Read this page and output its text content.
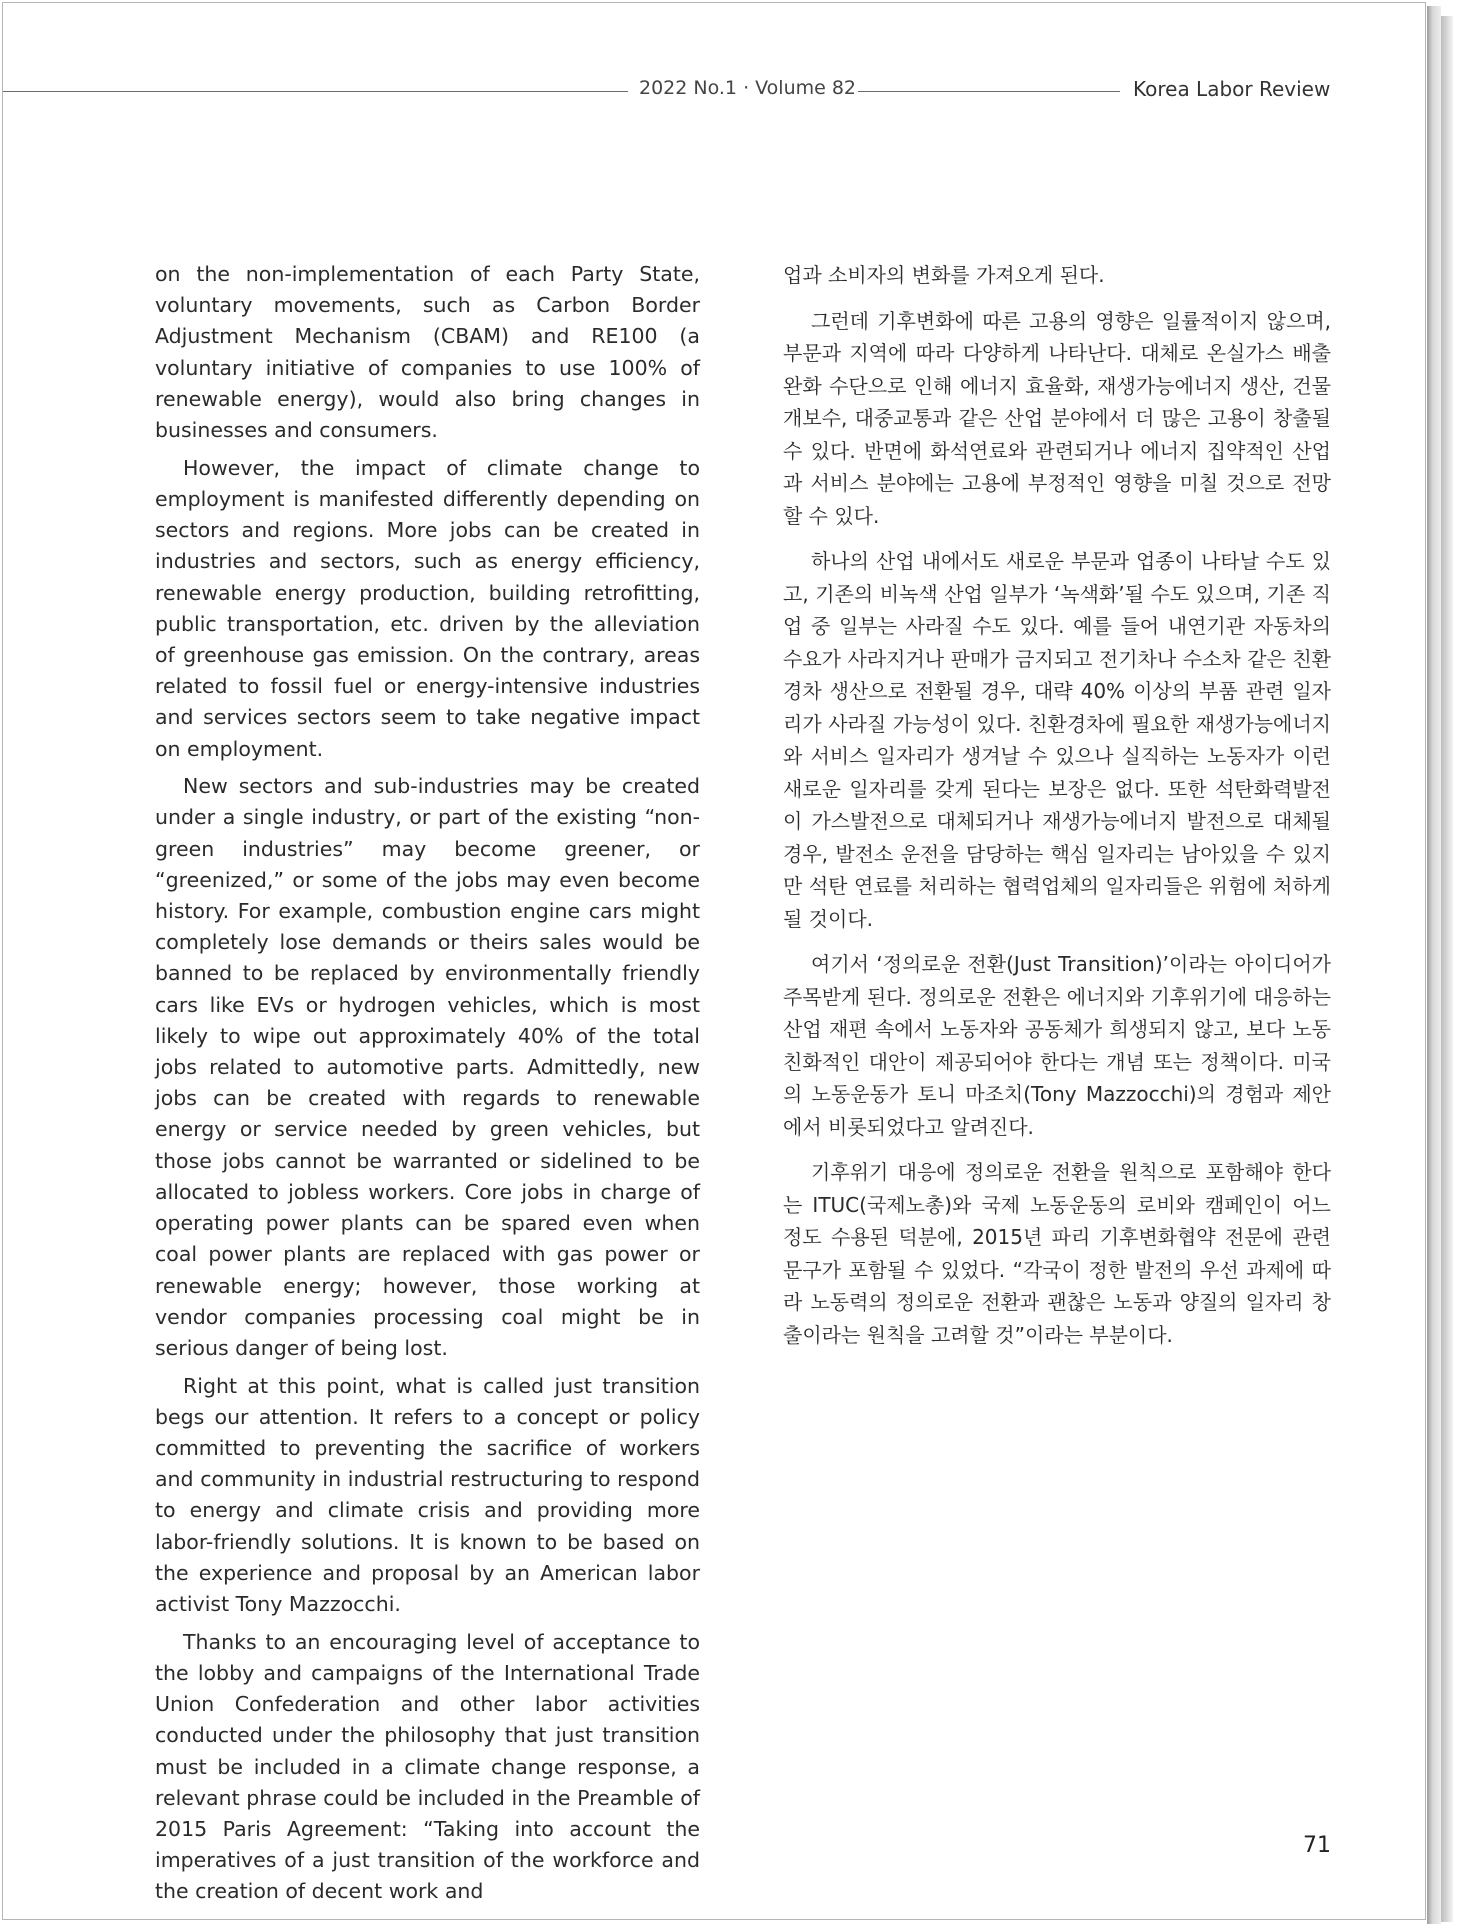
2022 No.1 · Volume 82	Korea Labor Review

on the non-implementation of each Party State, voluntary movements, such as Carbon Border Adjustment Mechanism (CBAM) and RE100 (a voluntary initiative of companies to use 100% of renewable energy), would also bring changes in businesses and consumers.

However, the impact of climate change to employment is manifested differently depending on sectors and regions. More jobs can be created in industries and sectors, such as energy efficiency, renewable energy production, building retrofitting, public transportation, etc. driven by the alleviation of greenhouse gas emission. On the contrary, areas related to fossil fuel or energy-intensive industries and services sectors seem to take negative impact on employment.

New sectors and sub-industries may be created under a single industry, or part of the existing “non-green industries” may become greener, or “greenized,” or some of the jobs may even become history. For example, combustion engine cars might completely lose demands or theirs sales would be banned to be replaced by environmentally friendly cars like EVs or hydrogen vehicles, which is most likely to wipe out approximately 40% of the total jobs related to automotive parts. Admittedly, new jobs can be created with regards to renewable energy or service needed by green vehicles, but those jobs cannot be warranted or sidelined to be allocated to jobless workers. Core jobs in charge of operating power plants can be spared even when coal power plants are replaced with gas power or renewable energy; however, those working at vendor companies processing coal might be in serious danger of being lost.

Right at this point, what is called just transition begs our attention. It refers to a concept or policy committed to preventing the sacrifice of workers and community in industrial restructuring to respond to energy and climate crisis and providing more labor-friendly solutions. It is known to be based on the experience and proposal by an American labor activist Tony Mazzocchi.

Thanks to an encouraging level of acceptance to the lobby and campaigns of the International Trade Union Confederation and other labor activities conducted under the philosophy that just transition must be included in a climate change response, a relevant phrase could be included in the Preamble of 2015 Paris Agreement: “Taking into account the imperatives of a just transition of the workforce and the creation of decent work and

업과 소비자의 변화를 가져오게 된다.

그런데 기후변화에 따른 고용의 영향은 일률적이지 않으며, 부문과 지역에 따라 다양하게 나타난다. 대체로 온실가스 배출 완화 수단으로 인해 에너지 효율화, 재생가능에너지 생산, 건물 개보수, 대중교통과 같은 산업 분야에서 더 많은 고용이 창출될 수 있다. 반면에 화석연료와 관련되거나 에너지 집약적인 산업과 서비스 분야에는 고용에 부정적인 영향을 미칠 것으로 전망할 수 있다.

하나의 산업 내에서도 새로운 부문과 업종이 나타날 수도 있고, 기존의 비녹색 산업 일부가 ‘녹색화’될 수도 있으며, 기존 직업 중 일부는 사라질 수도 있다. 예를 들어 내연기관 자동차의 수요가 사라지거나 판매가 금지되고 전기차나 수소차 같은 친환경차 생산으로 전환될 경우, 대략 40% 이상의 부품 관련 일자리가 사라질 가능성이 있다. 친환경차에 필요한 재생가능에너지와 서비스 일자리가 생겨날 수 있으나 실직하는 노동자가 이런 새로운 일자리를 갖게 된다는 보장은 없다. 또한 석탄화력발전이 가스발전으로 대체되거나 재생가능에너지 발전으로 대체될 경우, 발전소 운전을 담당하는 핵심 일자리는 남아있을 수 있지만 석탄 연료를 처리하는 협력업체의 일자리들은 위험에 처하게 될 것이다.

여기서 ‘정의로운 전환(Just Transition)’이라는 아이디어가 주목받게 된다. 정의로운 전환은 에너지와 기후위기에 대응하는 산업 재편 속에서 노동자와 공동체가 희생되지 않고, 보다 노동친화적인 대안이 제공되어야 한다는 개념 또는 정책이다. 미국의 노동운동가 토니 마조치(Tony Mazzocchi)의 경험과 제안에서 비롯되었다고 알려진다.

기후위기 대응에 정의로운 전환을 원칙으로 포함해야 한다는 ITUC(국제노총)와 국제 노동운동의 로비와 캠페인이 어느 정도 수용된 덕분에, 2015년 파리 기후변화협약 전문에 관련 문구가 포함될 수 있었다. “각국이 정한 발전의 우선 과제에 따라 노동력의 정의로운 전환과 괜찮은 노동과 양질의 일자리 창출이라는 원칙을 고려할 것”이라는 부분이다.

71
